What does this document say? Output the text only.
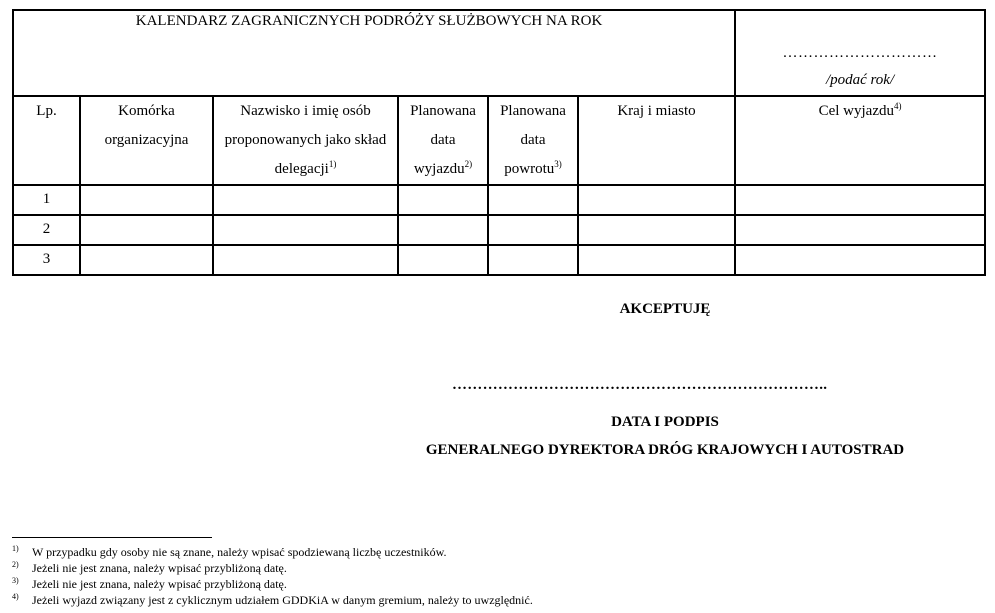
KALENDARZ ZAGRANICZNYCH PODRÓŻY SŁUŻBOWYCH NA ROK						…………………………
/podać rok/

Lp.	Komórka organizacyjna	Nazwisko i imię osób proponowanych jako skład delegacji$^{1)}$	Planowana data wyjazdu$^{2)}$	Planowana data powrotu$^{3)}$	Kraj i miasto	Cel wyjazdu$^{4)}$

1						
2						
3						
AKCEPTUJĘ
………………………………………………………………..
DATA I PODPIS
GENERALNEGO DYREKTORA DRÓG KRAJOWYCH I AUTOSTRAD
1) W przypadku gdy osoby nie są znane, należy wpisać spodziewaną liczbę uczestników.
2) Jeżeli nie jest znana, należy wpisać przybliżoną datę.
3) Jeżeli nie jest znana, należy wpisać przybliżoną datę.
4) Jeżeli wyjazd związany jest z cyklicznym udziałem GDDKiA w danym gremium, należy to uwzględnić.
